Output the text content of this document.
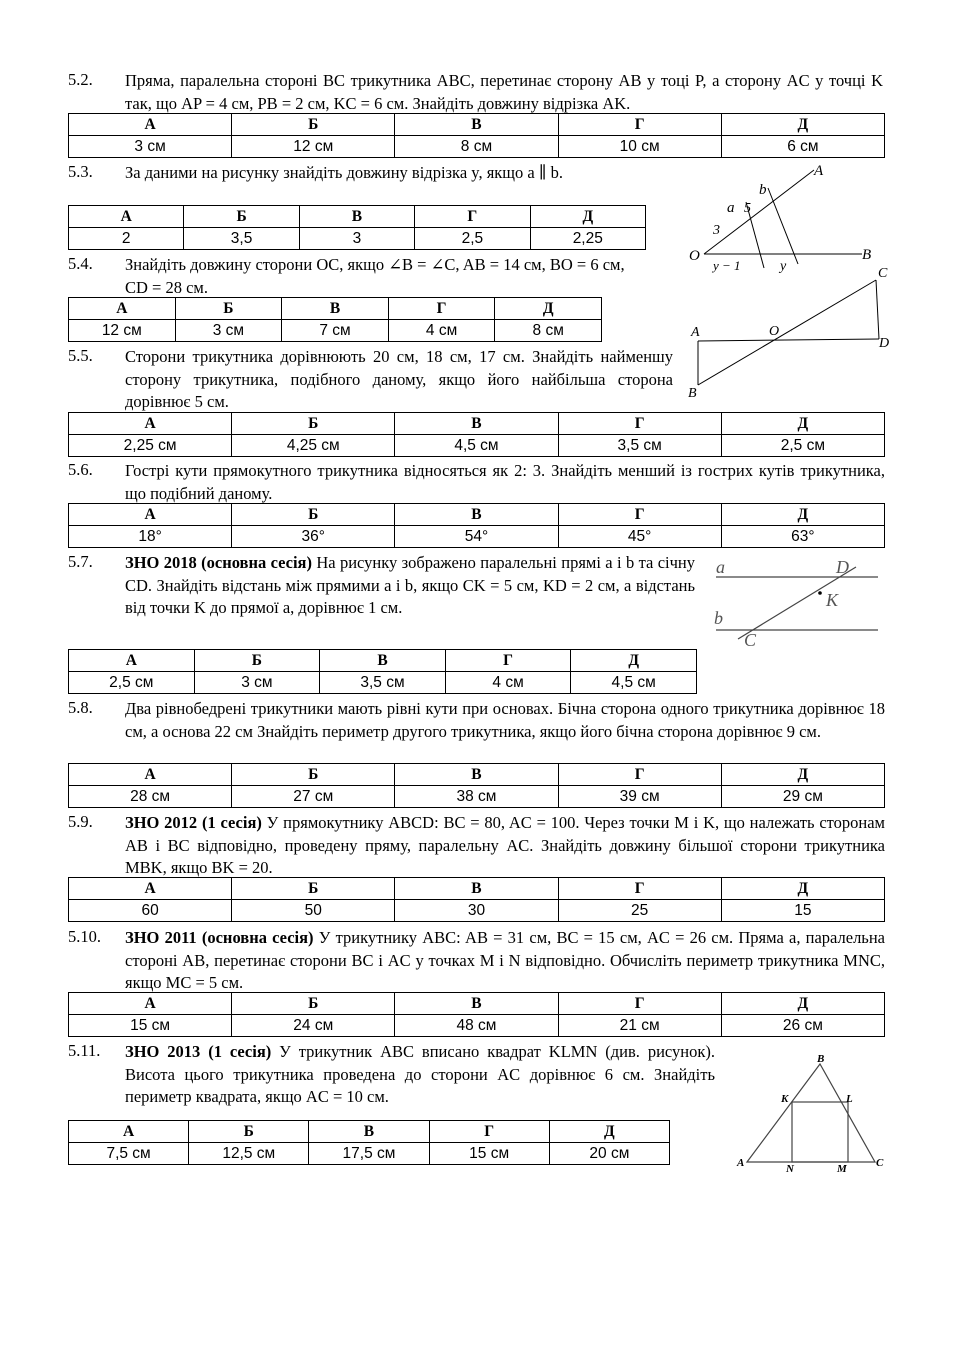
5.2. Пряма, паралельна стороні BC трикутника ABC, перетинає сторону AB у тоці P, а сторону AC у точці K так, що AP = 4 см, PB = 2 см, KC = 6 см. Знайдіть довжину відрізка AK.
А	Б	В	Г	Д
3 см	12 см	8 см	10 см	6 см
5.3. За даними на рисунку знайдіть довжину відрізка y, якщо a ∥ b.
А	Б	В	Г	Д
2	3,5	3	2,5	2,25
5.4. Знайдіть довжину сторони OC, якщо ∠B = ∠C, AB = 14 см, BO = 6 см, CD = 28 см.
А	Б	В	Г	Д
12 см	3 см	7 см	4 см	8 см
5.5. Сторони трикутника дорівнюють 20 см, 18 см, 17 см. Знайдіть найменшу сторону трикутника, подібного даному, якщо його найбільша сторона дорівнює 5 см.
А	Б	В	Г	Д
2,25 см	4,25 см	4,5 см	3,5 см	2,5 см
5.6. Гострі кути прямокутного трикутника відносяться як 2: 3. Знайдіть менший із гострих кутів трикутника, що подібний даному.
А	Б	В	Г	Д
18°	36°	54°	45°	63°
5.7. ЗНО 2018 (основна сесія) На рисунку зображено паралельні прямі a і b та січну CD. Знайдіть відстань між прямими a і b, якщо CK = 5 см, KD = 2 см, а відстань від точки K до прямої a, дорівнює 1 см.
А	Б	В	Г	Д
2,5 см	3 см	3,5 см	4 см	4,5 см
5.8. Два рівнобедрені трикутники мають рівні кути при основах. Бічна сторона одного трикутника дорівнює 18 см, а основа 22 см Знайдіть периметр другого трикутника, якщо його бічна сторона дорівнює 9 см.
А	Б	В	Г	Д
28 см	27 см	38 см	39 см	29 см
5.9. ЗНО 2012 (1 сесія) У прямокутнику ABCD: BC = 80, AC = 100. Через точки M і K, що належать сторонам AB і BC відповідно, проведену пряму, паралельну AC. Знайдіть довжину більшої сторони трикутника MBK, якщо BK = 20.
А	Б	В	Г	Д
60	50	30	25	15
5.10. ЗНО 2011 (основна сесія) У трикутнику ABC: AB = 31 см, BC = 15 см, AC = 26 см. Пряма a, паралельна стороні AB, перетинає сторони BC і AC у точках M і N відповідно. Обчисліть периметр трикутника MNC, якщо MC = 5 см.
А	Б	В	Г	Д
15 см	24 см	48 см	21 см	26 см
5.11. ЗНО 2013 (1 сесія) У трикутник ABC вписано квадрат KLMN (див. рисунок). Висота цього трикутника проведена до сторони AC дорівнює 6 см. Знайдіть периметр квадрата, якщо AC = 10 см.
А	Б	В	Г	Д
7,5 см	12,5 см	17,5 см	15 см	20 см
A
b
a 5
3
O	B
y − 1	y	C
A	O
D
B
a	D
K
b
C
B
K	L
A	N	M	C
